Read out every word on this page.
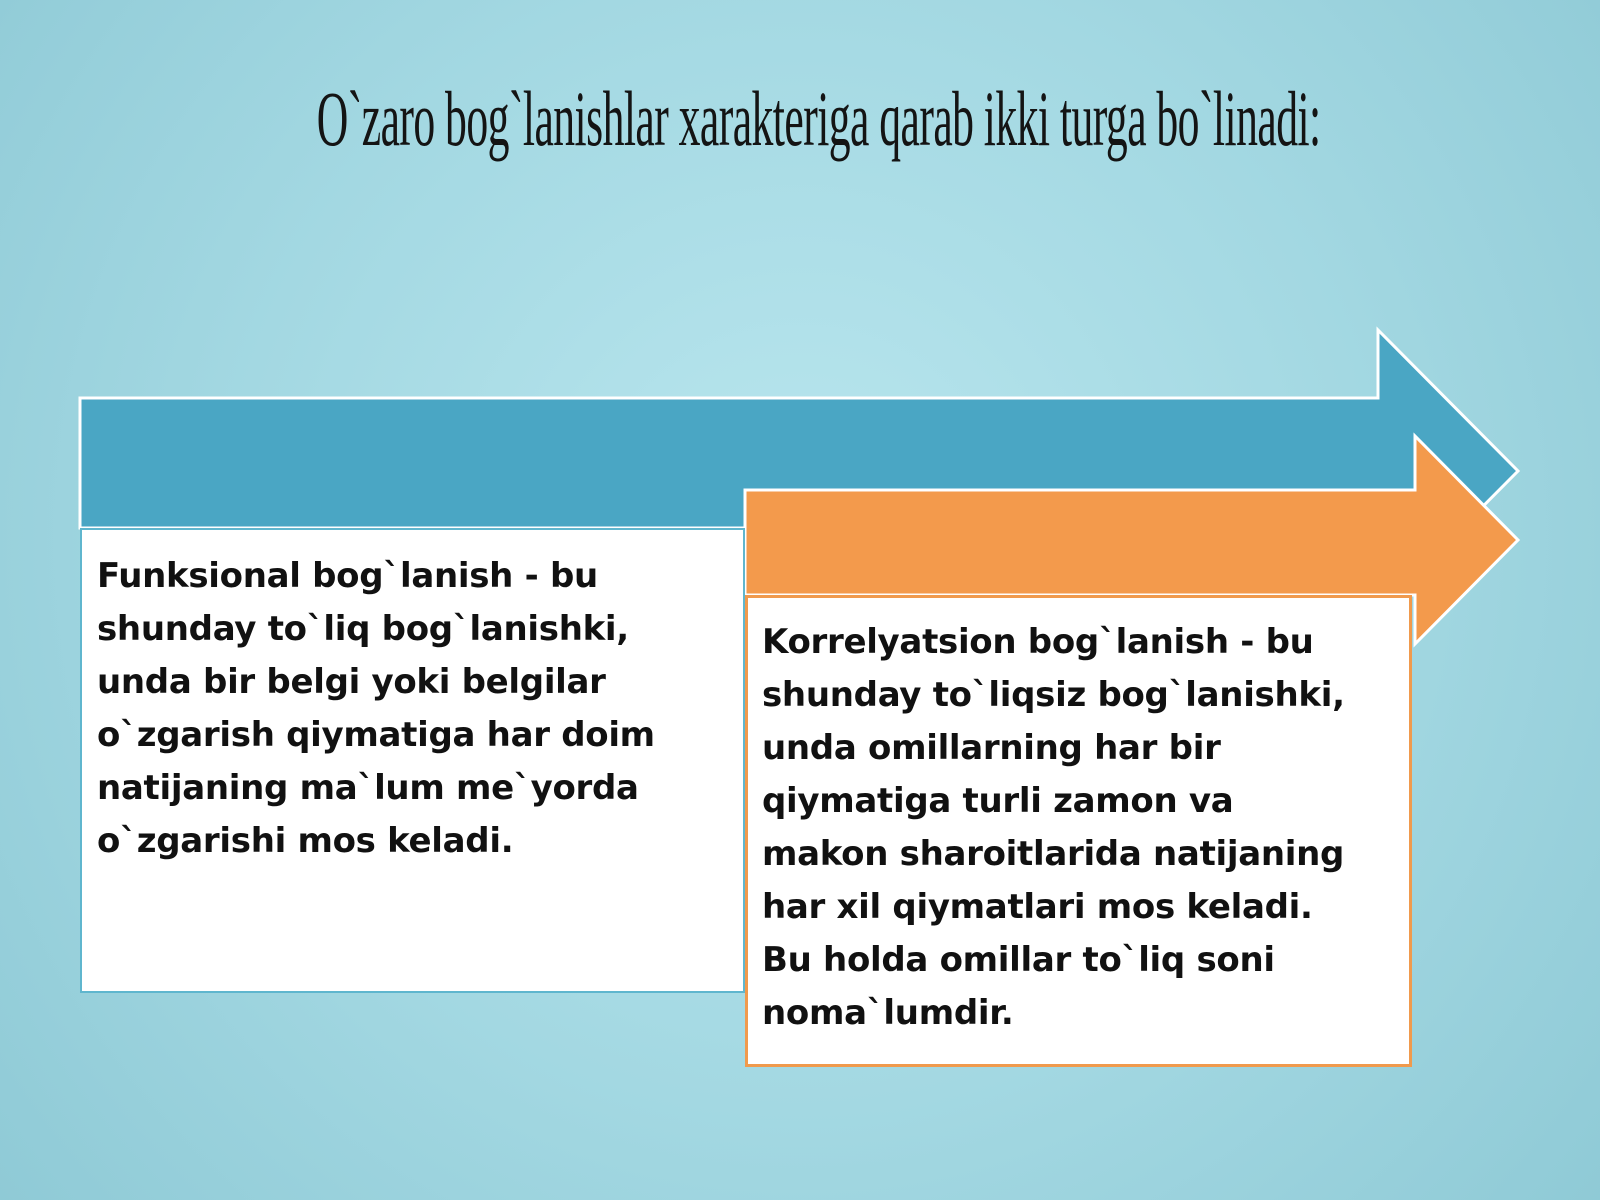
O`zaro bog`lanishlar xarakteriga qarab ikki turga bo`linadi:
Funksional bog`lanish - bu
shunday to`liq bog`lanishki,
unda bir belgi yoki belgilar
o`zgarish qiymatiga har doim
natijaning ma`lum me`yorda
o`zgarishi mos keladi.
Korrelyatsion bog`lanish - bu
shunday to`liqsiz bog`lanishki,
unda omillarning har bir
qiymatiga turli zamon va
makon sharoitlarida natijaning
har xil qiymatlari mos keladi.
Bu holda omillar to`liq soni
noma`lumdir.
